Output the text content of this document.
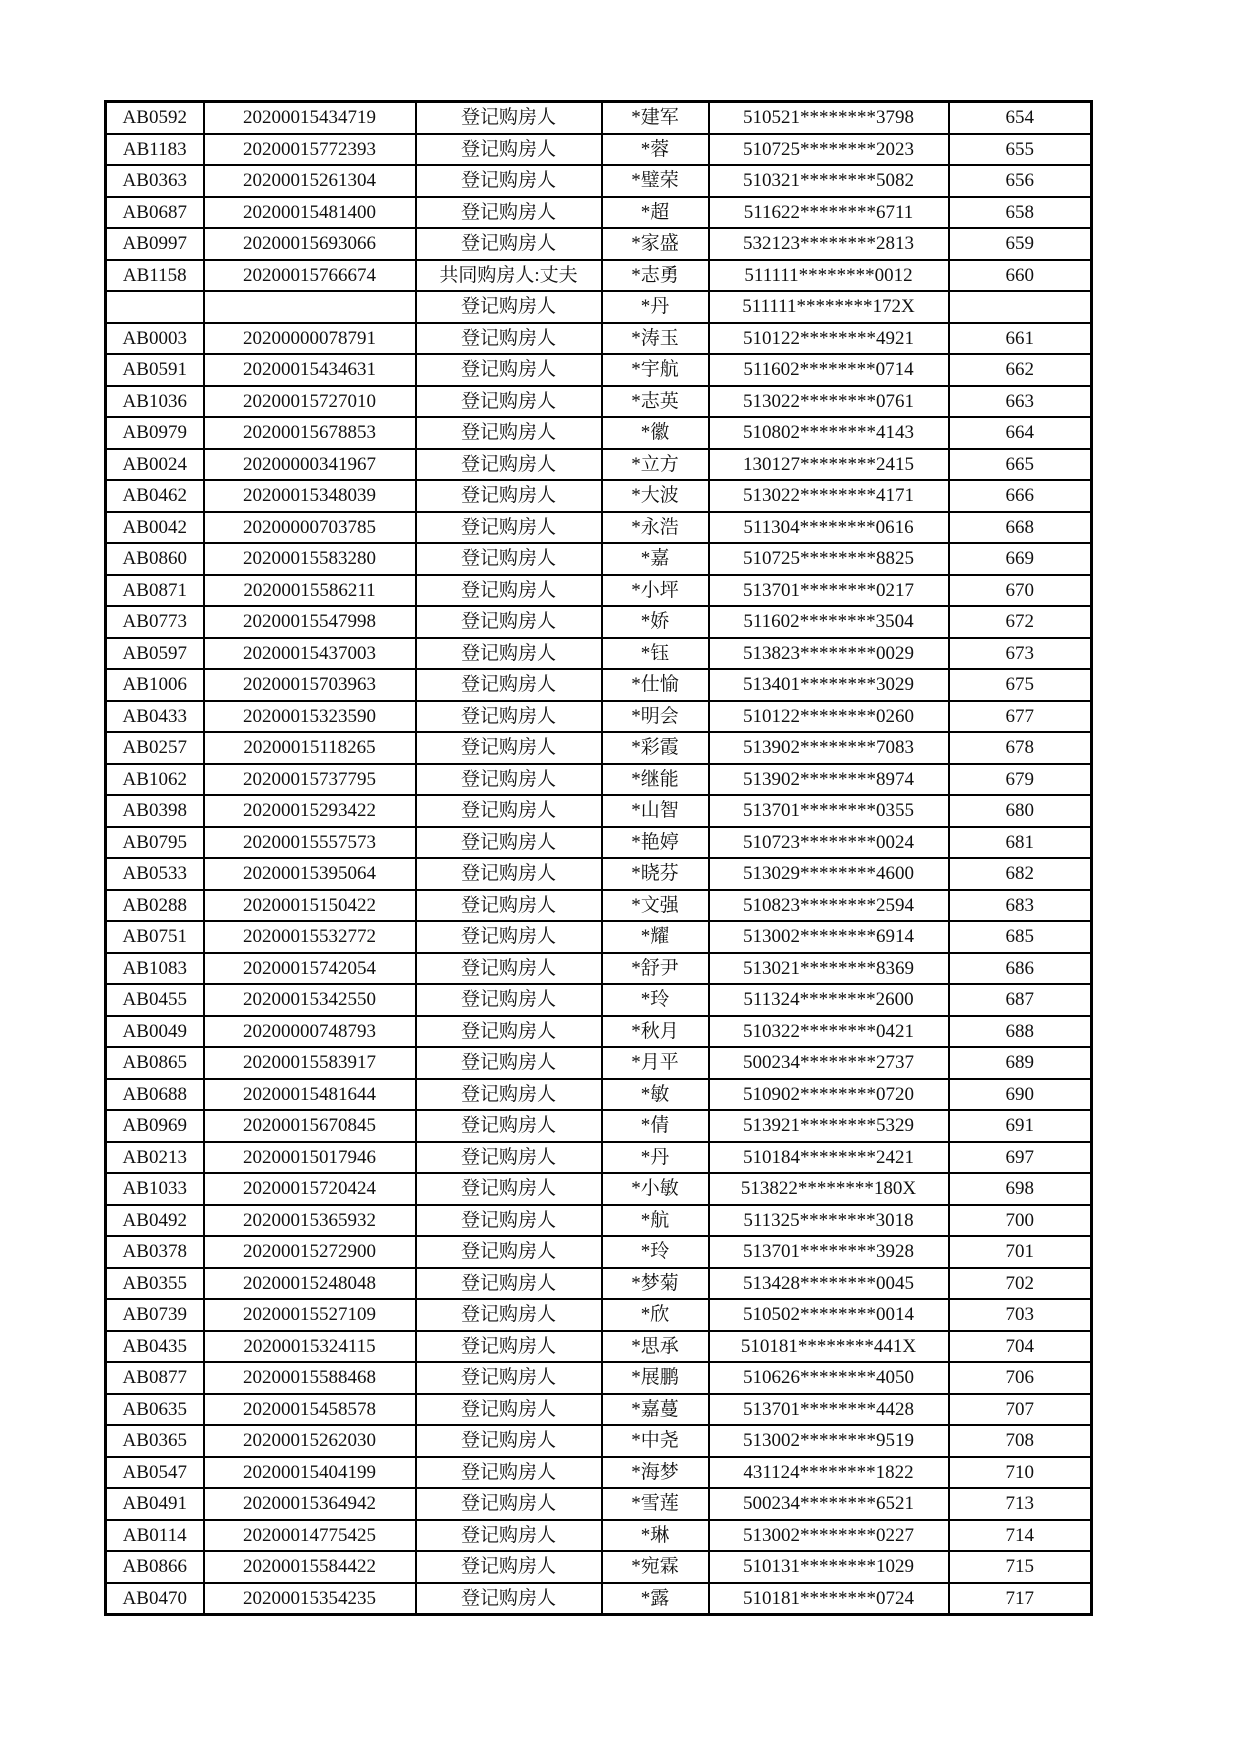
AB0592	20200015434719	登记购房人	*建军	510521********3798	654
AB1183	20200015772393	登记购房人	*蓉	510725********2023	655
AB0363	20200015261304	登记购房人	*璧荣	510321********5082	656
AB0687	20200015481400	登记购房人	*超	511622********6711	658
AB0997	20200015693066	登记购房人	*家盛	532123********2813	659
AB1158	20200015766674	共同购房人:丈夫	*志勇	511111********0012	660
		登记购房人	*丹	511111********172X	
AB0003	20200000078791	登记购房人	*涛玉	510122********4921	661
AB0591	20200015434631	登记购房人	*宇航	511602********0714	662
AB1036	20200015727010	登记购房人	*志英	513022********0761	663
AB0979	20200015678853	登记购房人	*徽	510802********4143	664
AB0024	20200000341967	登记购房人	*立方	130127********2415	665
AB0462	20200015348039	登记购房人	*大波	513022********4171	666
AB0042	20200000703785	登记购房人	*永浩	511304********0616	668
AB0860	20200015583280	登记购房人	*嘉	510725********8825	669
AB0871	20200015586211	登记购房人	*小坪	513701********0217	670
AB0773	20200015547998	登记购房人	*娇	511602********3504	672
AB0597	20200015437003	登记购房人	*钰	513823********0029	673
AB1006	20200015703963	登记购房人	*仕愉	513401********3029	675
AB0433	20200015323590	登记购房人	*明会	510122********0260	677
AB0257	20200015118265	登记购房人	*彩霞	513902********7083	678
AB1062	20200015737795	登记购房人	*继能	513902********8974	679
AB0398	20200015293422	登记购房人	*山智	513701********0355	680
AB0795	20200015557573	登记购房人	*艳婷	510723********0024	681
AB0533	20200015395064	登记购房人	*晓芬	513029********4600	682
AB0288	20200015150422	登记购房人	*文强	510823********2594	683
AB0751	20200015532772	登记购房人	*耀	513002********6914	685
AB1083	20200015742054	登记购房人	*舒尹	513021********8369	686
AB0455	20200015342550	登记购房人	*玲	511324********2600	687
AB0049	20200000748793	登记购房人	*秋月	510322********0421	688
AB0865	20200015583917	登记购房人	*月平	500234********2737	689
AB0688	20200015481644	登记购房人	*敏	510902********0720	690
AB0969	20200015670845	登记购房人	*倩	513921********5329	691
AB0213	20200015017946	登记购房人	*丹	510184********2421	697
AB1033	20200015720424	登记购房人	*小敏	513822********180X	698
AB0492	20200015365932	登记购房人	*航	511325********3018	700
AB0378	20200015272900	登记购房人	*玲	513701********3928	701
AB0355	20200015248048	登记购房人	*梦菊	513428********0045	702
AB0739	20200015527109	登记购房人	*欣	510502********0014	703
AB0435	20200015324115	登记购房人	*思承	510181********441X	704
AB0877	20200015588468	登记购房人	*展鹏	510626********4050	706
AB0635	20200015458578	登记购房人	*嘉蔓	513701********4428	707
AB0365	20200015262030	登记购房人	*中尧	513002********9519	708
AB0547	20200015404199	登记购房人	*海梦	431124********1822	710
AB0491	20200015364942	登记购房人	*雪莲	500234********6521	713
AB0114	20200014775425	登记购房人	*琳	513002********0227	714
AB0866	20200015584422	登记购房人	*宛霖	510131********1029	715
AB0470	20200015354235	登记购房人	*露	510181********0724	717
